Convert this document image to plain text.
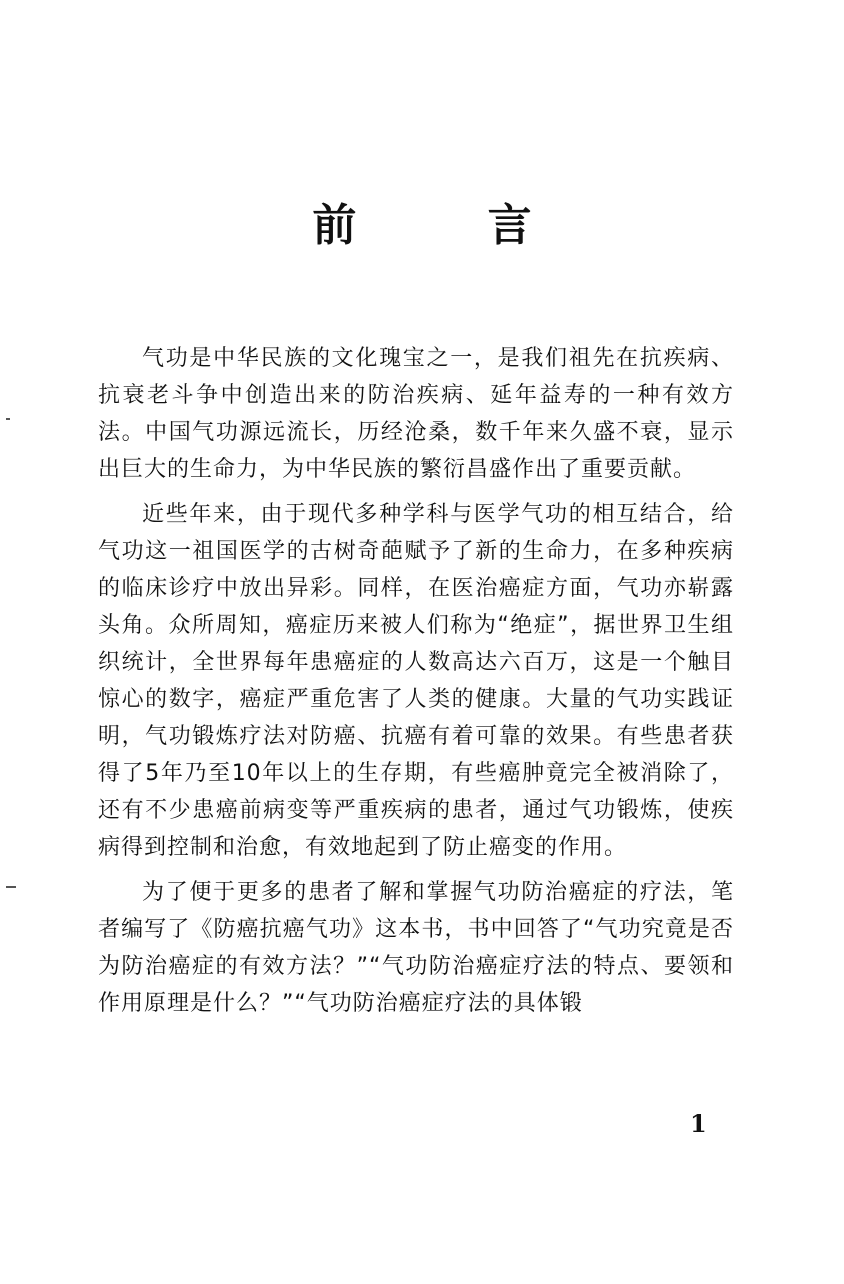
前 言

气功是中华民族的文化瑰宝之一，是我们祖先在抗疾病、抗衰老斗争中创造出来的防治疾病、延年益寿的一种有效方法。中国气功源远流长，历经沧桑，数千年来久盛不衰，显示出巨大的生命力，为中华民族的繁衍昌盛作出了重要贡献。

近些年来，由于现代多种学科与医学气功的相互结合，给气功这一祖国医学的古树奇葩赋予了新的生命力，在多种疾病的临床诊疗中放出异彩。同样，在医治癌症方面，气功亦崭露头角。众所周知，癌症历来被人们称为“绝症”，据世界卫生组织统计，全世界每年患癌症的人数高达六百万，这是一个触目惊心的数字，癌症严重危害了人类的健康。大量的气功实践证明，气功锻炼疗法对防癌、抗癌有着可靠的效果。有些患者获得了5年乃至10年以上的生存期，有些癌肿竟完全被消除了，还有不少患癌前病变等严重疾病的患者，通过气功锻炼，使疾病得到控制和治愈，有效地起到了防止癌变的作用。

为了便于更多的患者了解和掌握气功防治癌症的疗法，笔者编写了《防癌抗癌气功》这本书，书中回答了“气功究竟是否为防治癌症的有效方法？”“气功防治癌症疗法的特点、要领和作用原理是什么？”“气功防治癌症疗法的具体锻

1
